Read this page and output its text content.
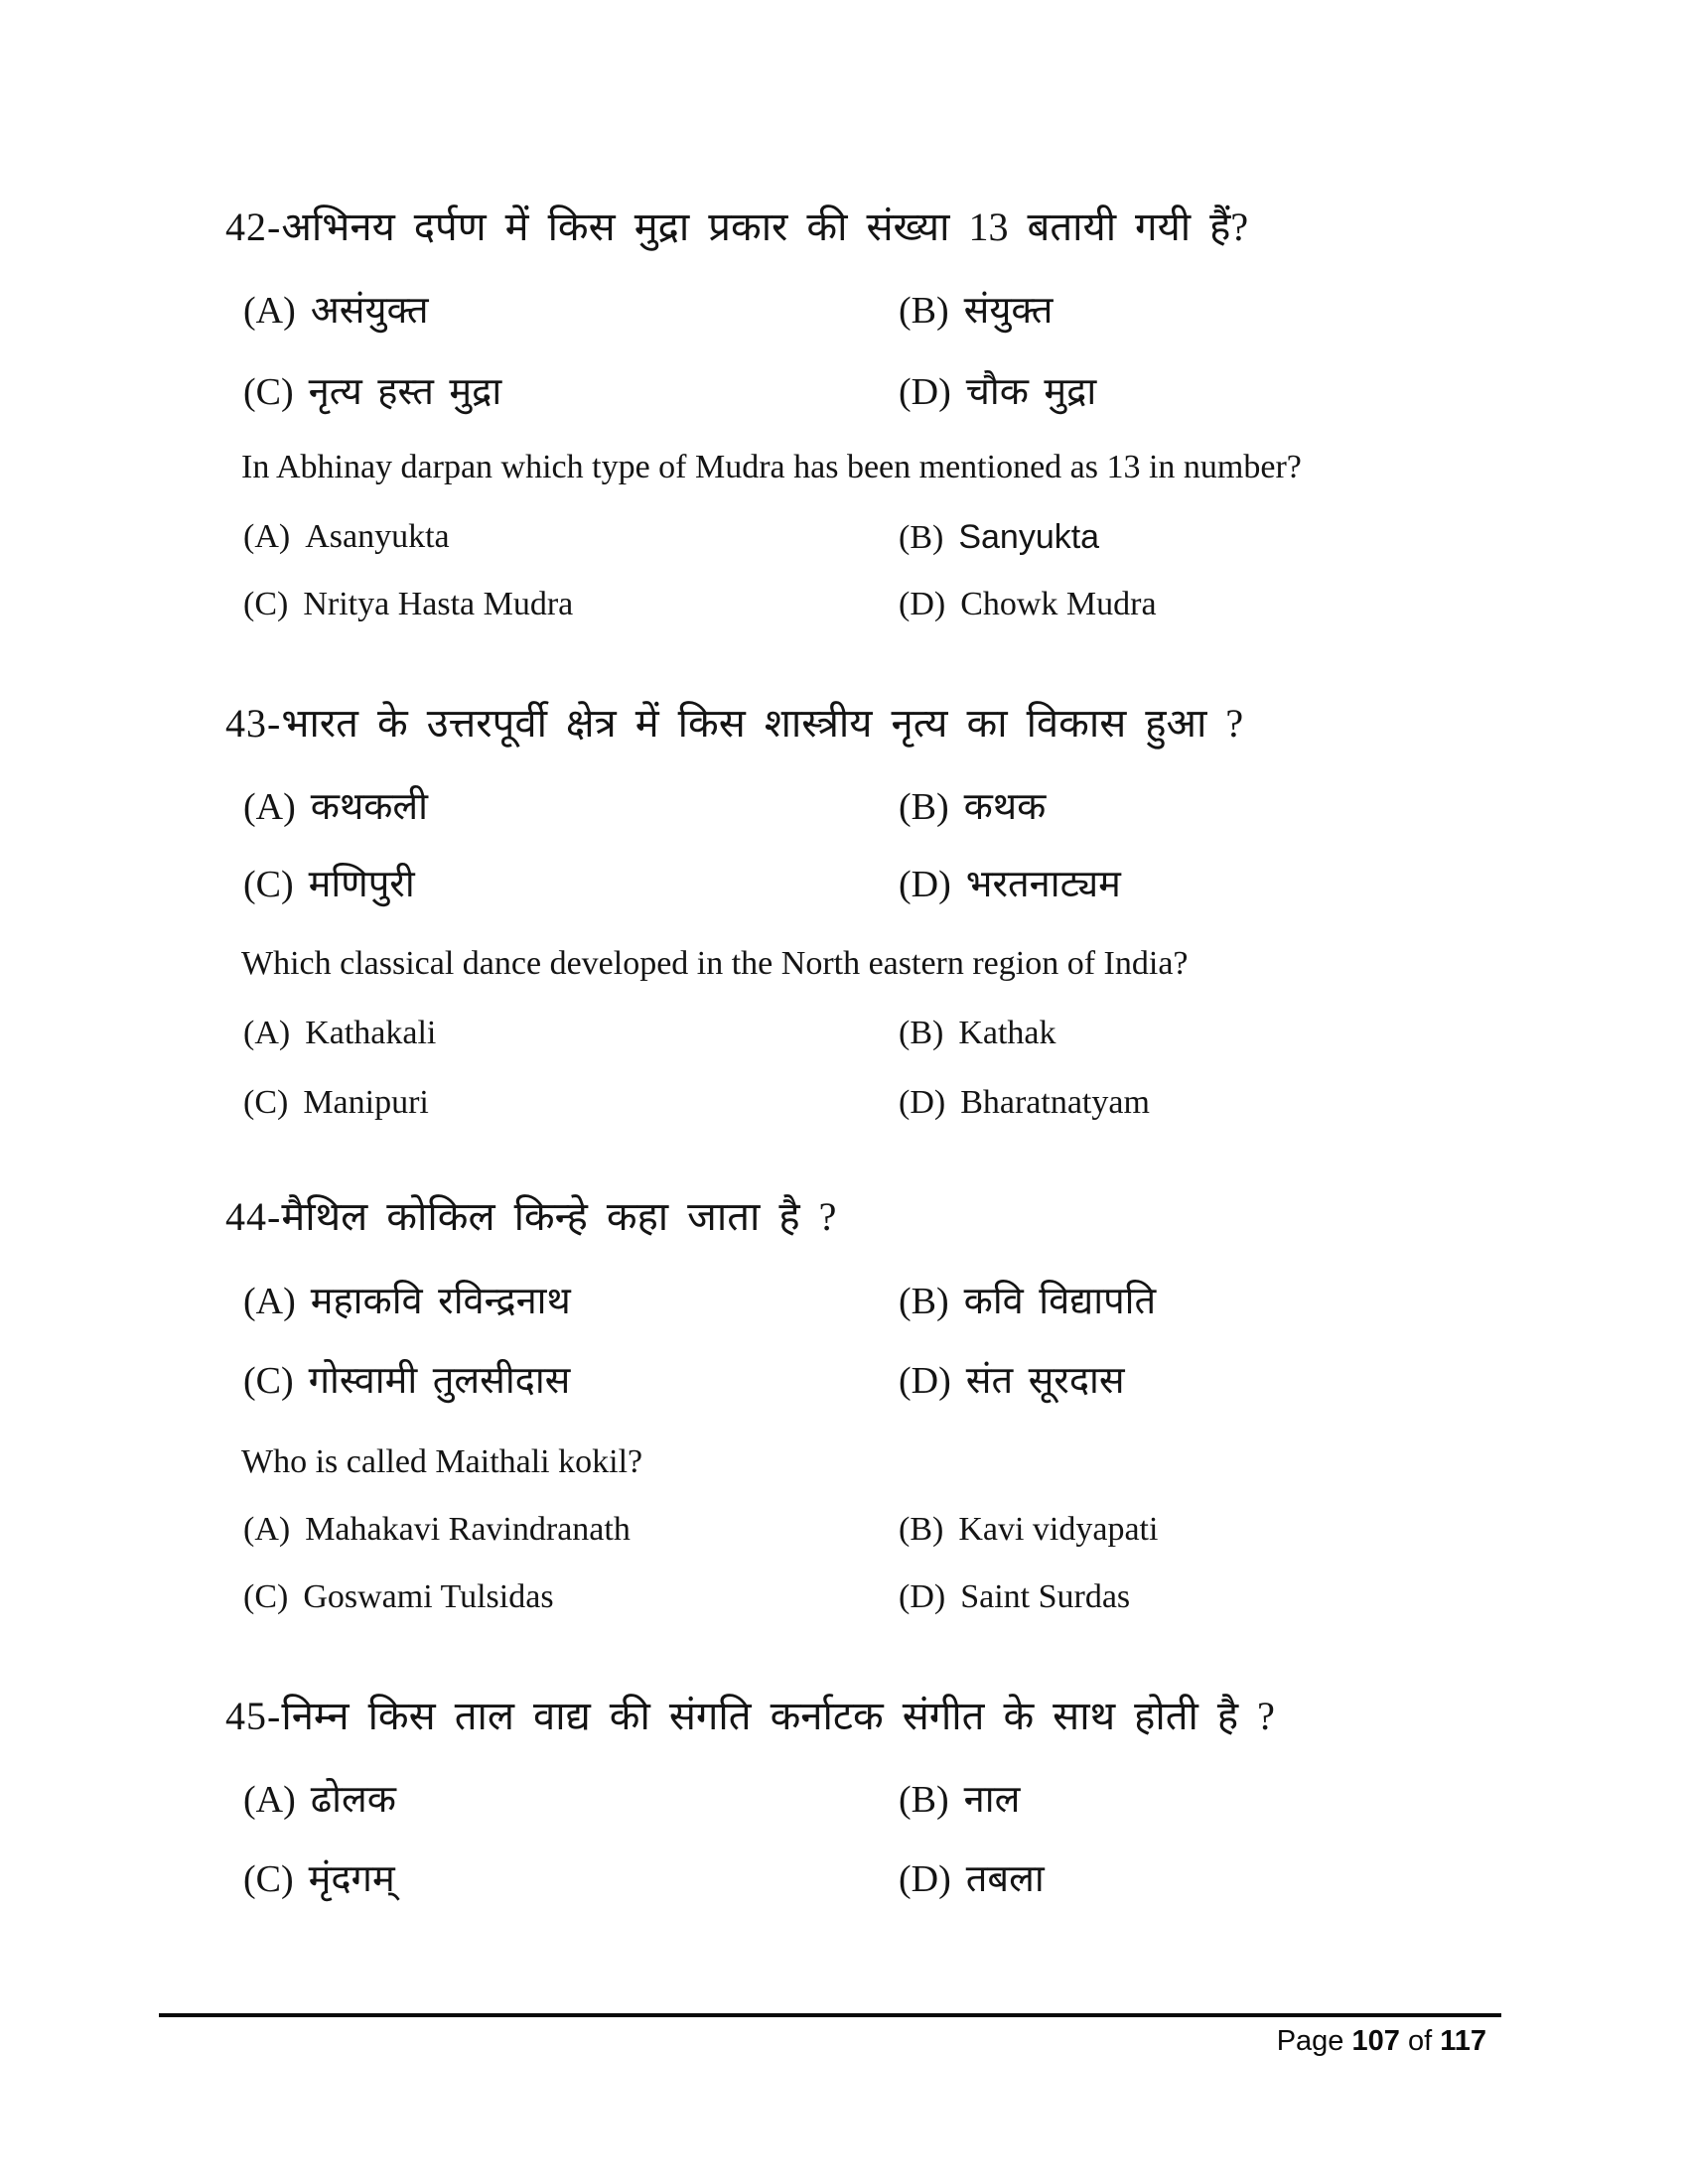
42-अभिनय दर्पण में किस मुद्रा प्रकार की संख्या 13 बतायी गयी हैं?
(A) असंयुक्त	(B) संयुक्त
(C) नृत्य हस्त मुद्रा	(D) चौक मुद्रा
In Abhinay darpan which type of Mudra has been mentioned as 13 in number?
(A) Asanyukta	(B) Sanyukta
(C) Nritya Hasta Mudra	(D) Chowk Mudra
43-भारत के उत्तरपूर्वी क्षेत्र में किस शास्त्रीय नृत्य का विकास हुआ ?
(A) कथकली	(B) कथक
(C) मणिपुरी	(D) भरतनाट्यम
Which classical dance developed in the North eastern region of India?
(A) Kathakali	(B) Kathak
(C) Manipuri	(D) Bharatnatyam
44-मैथिल कोकिल किन्हे कहा जाता है ?
(A) महाकवि रविन्द्रनाथ	(B) कवि विद्यापति
(C) गोस्वामी तुलसीदास	(D) संत सूरदास
Who is called Maithali kokil?
(A) Mahakavi Ravindranath	(B) Kavi vidyapati
(C) Goswami Tulsidas	(D) Saint Surdas
45-निम्न किस ताल वाद्य की संगति कर्नाटक संगीत के साथ होती है ?
(A) ढोलक	(B) नाल
(C) मृंदगम्	(D) तबला
Page 107 of 117
